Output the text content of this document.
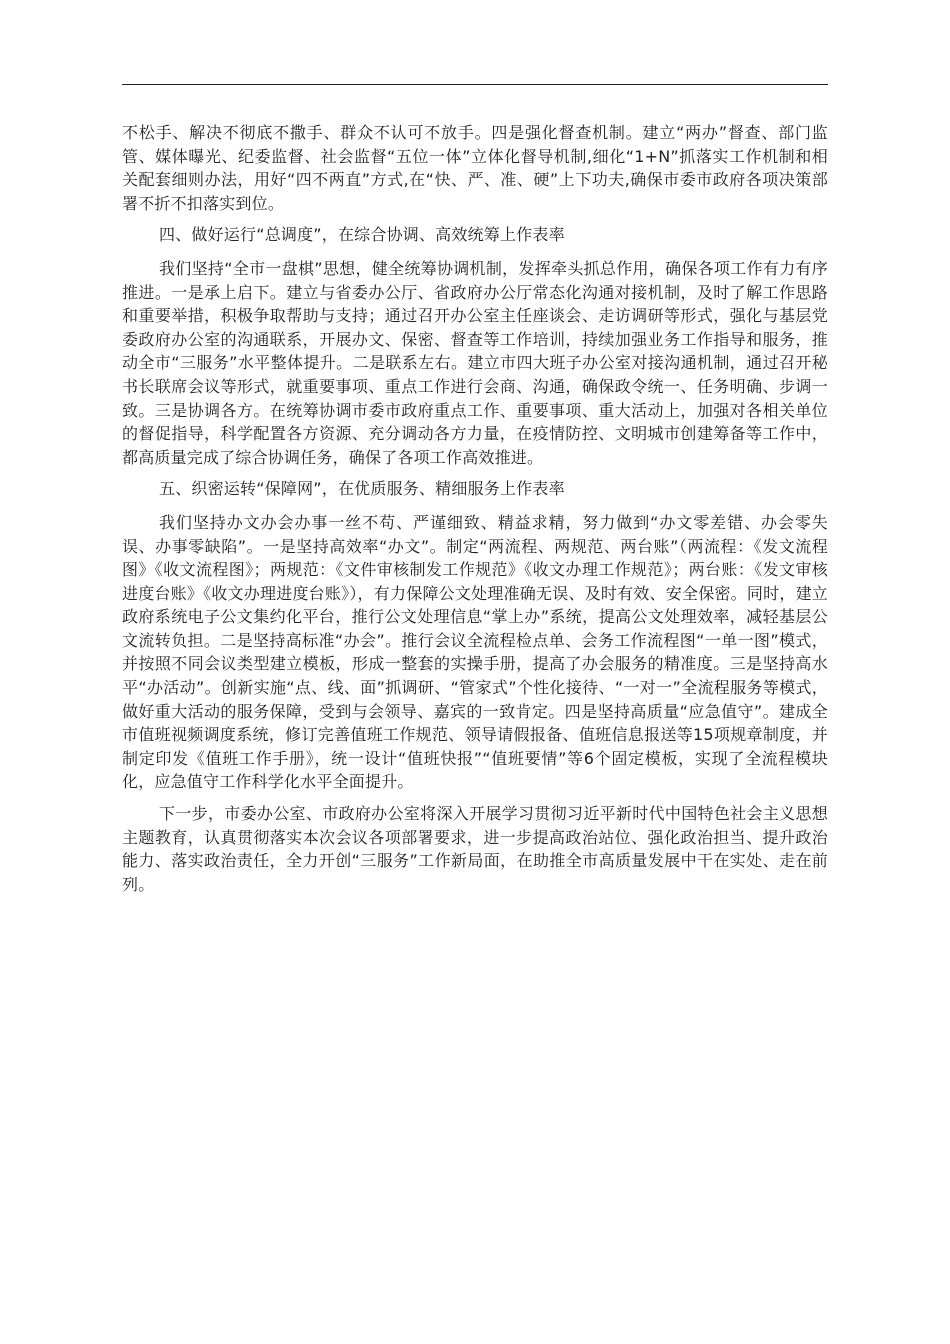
不松手、解决不彻底不撒手、群众不认可不放手。四是强化督查机制。建立“两办”督查、部门监管、媒体曝光、纪委监督、社会监督“五位一体”立体化督导机制,细化“1+N”抓落实工作机制和相关配套细则办法，用好“四不两直”方式,在“快、严、准、硬”上下功夫,确保市委市政府各项决策部署不折不扣落实到位。

四、做好运行“总调度”，在综合协调、高效统筹上作表率

我们坚持“全市一盘棋”思想，健全统筹协调机制，发挥牵头抓总作用，确保各项工作有力有序推进。一是承上启下。建立与省委办公厅、省政府办公厅常态化沟通对接机制，及时了解工作思路和重要举措，积极争取帮助与支持；通过召开办公室主任座谈会、走访调研等形式，强化与基层党委政府办公室的沟通联系，开展办文、保密、督查等工作培训，持续加强业务工作指导和服务，推动全市“三服务”水平整体提升。二是联系左右。建立市四大班子办公室对接沟通机制，通过召开秘书长联席会议等形式，就重要事项、重点工作进行会商、沟通，确保政令统一、任务明确、步调一致。三是协调各方。在统筹协调市委市政府重点工作、重要事项、重大活动上，加强对各相关单位的督促指导，科学配置各方资源、充分调动各方力量，在疫情防控、文明城市创建筹备等工作中，都高质量完成了综合协调任务，确保了各项工作高效推进。

五、织密运转“保障网”，在优质服务、精细服务上作表率

我们坚持办文办会办事一丝不苟、严谨细致、精益求精，努力做到“办文零差错、办会零失误、办事零缺陷”。一是坚持高效率“办文”。制定“两流程、两规范、两台账”（两流程：《发文流程图》《收文流程图》；两规范：《文件审核制发工作规范》《收文办理工作规范》；两台账：《发文审核进度台账》《收文办理进度台账》），有力保障公文处理准确无误、及时有效、安全保密。同时，建立政府系统电子公文集约化平台，推行公文处理信息“掌上办”系统，提高公文处理效率，减轻基层公文流转负担。二是坚持高标准“办会”。推行会议全流程检点单、会务工作流程图“一单一图”模式，并按照不同会议类型建立模板，形成一整套的实操手册，提高了办会服务的精准度。三是坚持高水平“办活动”。创新实施“点、线、面”抓调研、“管家式”个性化接待、“一对一”全流程服务等模式，做好重大活动的服务保障，受到与会领导、嘉宾的一致肯定。四是坚持高质量“应急值守”。建成全市值班视频调度系统，修订完善值班工作规范、领导请假报备、值班信息报送等15项规章制度，并制定印发《值班工作手册》，统一设计“值班快报”“值班要情”等6个固定模板，实现了全流程模块化，应急值守工作科学化水平全面提升。

下一步，市委办公室、市政府办公室将深入开展学习贯彻习近平新时代中国特色社会主义思想主题教育，认真贯彻落实本次会议各项部署要求，进一步提高政治站位、强化政治担当、提升政治能力、落实政治责任，全力开创“三服务”工作新局面，在助推全市高质量发展中干在实处、走在前列。
